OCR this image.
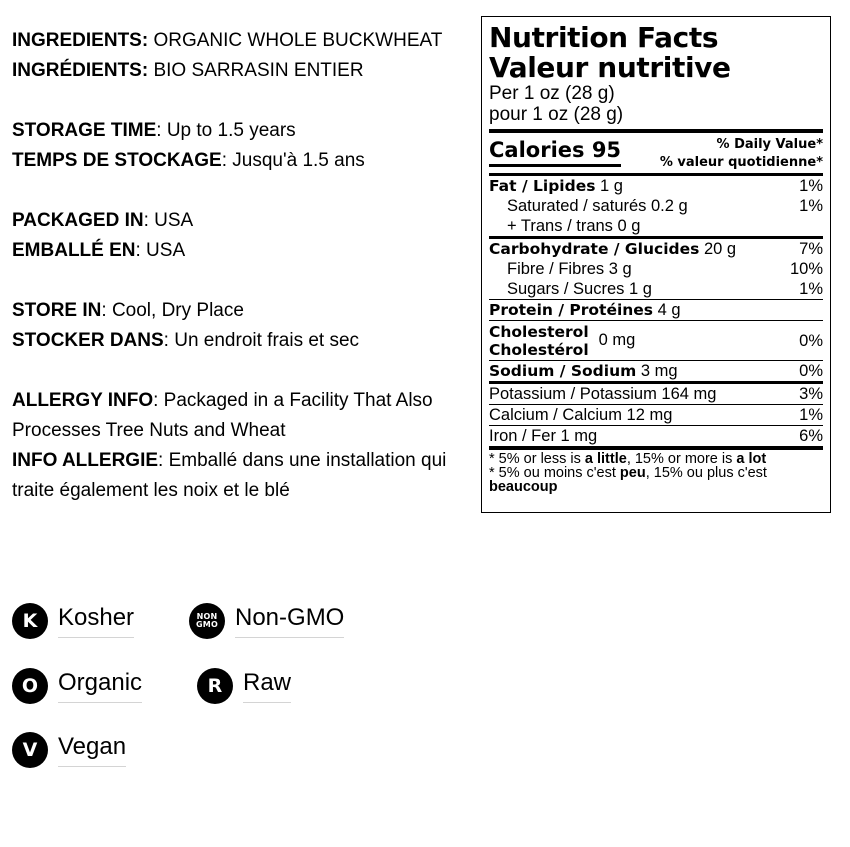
INGREDIENTS: ORGANIC WHOLE BUCKWHEAT
INGRÉDIENTS: BIO SARRASIN ENTIER
STORAGE TIME: Up to 1.5 years
TEMPS DE STOCKAGE: Jusqu'à 1.5 ans
PACKAGED IN: USA
EMBALLÉ EN: USA
STORE IN: Cool, Dry Place
STOCKER DANS: Un endroit frais et sec
ALLERGY INFO: Packaged in a Facility That Also Processes Tree Nuts and Wheat
INFO ALLERGIE: Emballé dans une installation qui traite également les noix et le blé
K Kosher	NON
GMO Non-GMO
O Organic	R Raw
V Vegan
Nutrition Facts
Valeur nutritive
Per 1 oz (28 g)
pour 1 oz (28 g)
Calories 95	% Daily Value*
% valeur quotidienne*
Fat / Lipides 1 g	1%
Saturated / saturés 0.2 g	1%
+ Trans / trans 0 g
Carbohydrate / Glucides 20 g	7%
Fibre / Fibres 3 g	10%
Sugars / Sucres 1 g	1%
Protein / Protéines 4 g
Cholesterol
Cholestérol
0 mg	0%
Sodium / Sodium 3 mg	0%
Potassium / Potassium 164 mg	3%
Calcium / Calcium 12 mg	1%
Iron / Fer 1 mg	6%
* 5% or less is a little, 15% or more is a lot
* 5% ou moins c'est peu, 15% ou plus c'est beaucoup
